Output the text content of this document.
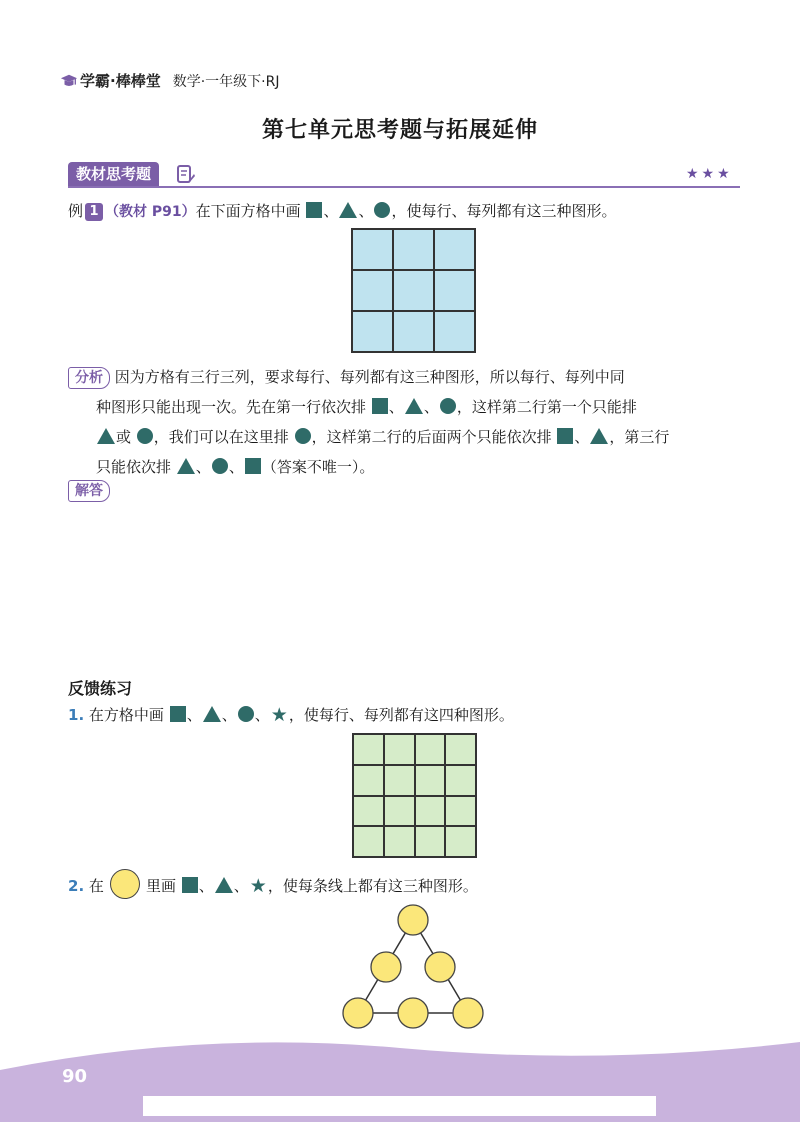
学霸·棒棒堂 数学·一年级下·RJ
第七单元思考题与拓展延伸
教材思考题	★★★
例 1 （教材 P91）在下面方格中画 、 、 ，使每行、每列都有这三种图形。
分析 因为方格有三行三列，要求每行、每列都有这三种图形，所以每行、每列中同
种图形只能出现一次。先在第一行依次排 、 、 ，这样第二行第一个只能排
或 ，我们可以在这里排 ，这样第二行的后面两个只能依次排 、 ，第三行
只能依次排 、 、 （答案不唯一）。
解答
反馈练习
1. 在方格中画 、 、 、★，使每行、每列都有这四种图形。
2. 在	里画 、 、★，使每条线上都有这三种图形。
90
